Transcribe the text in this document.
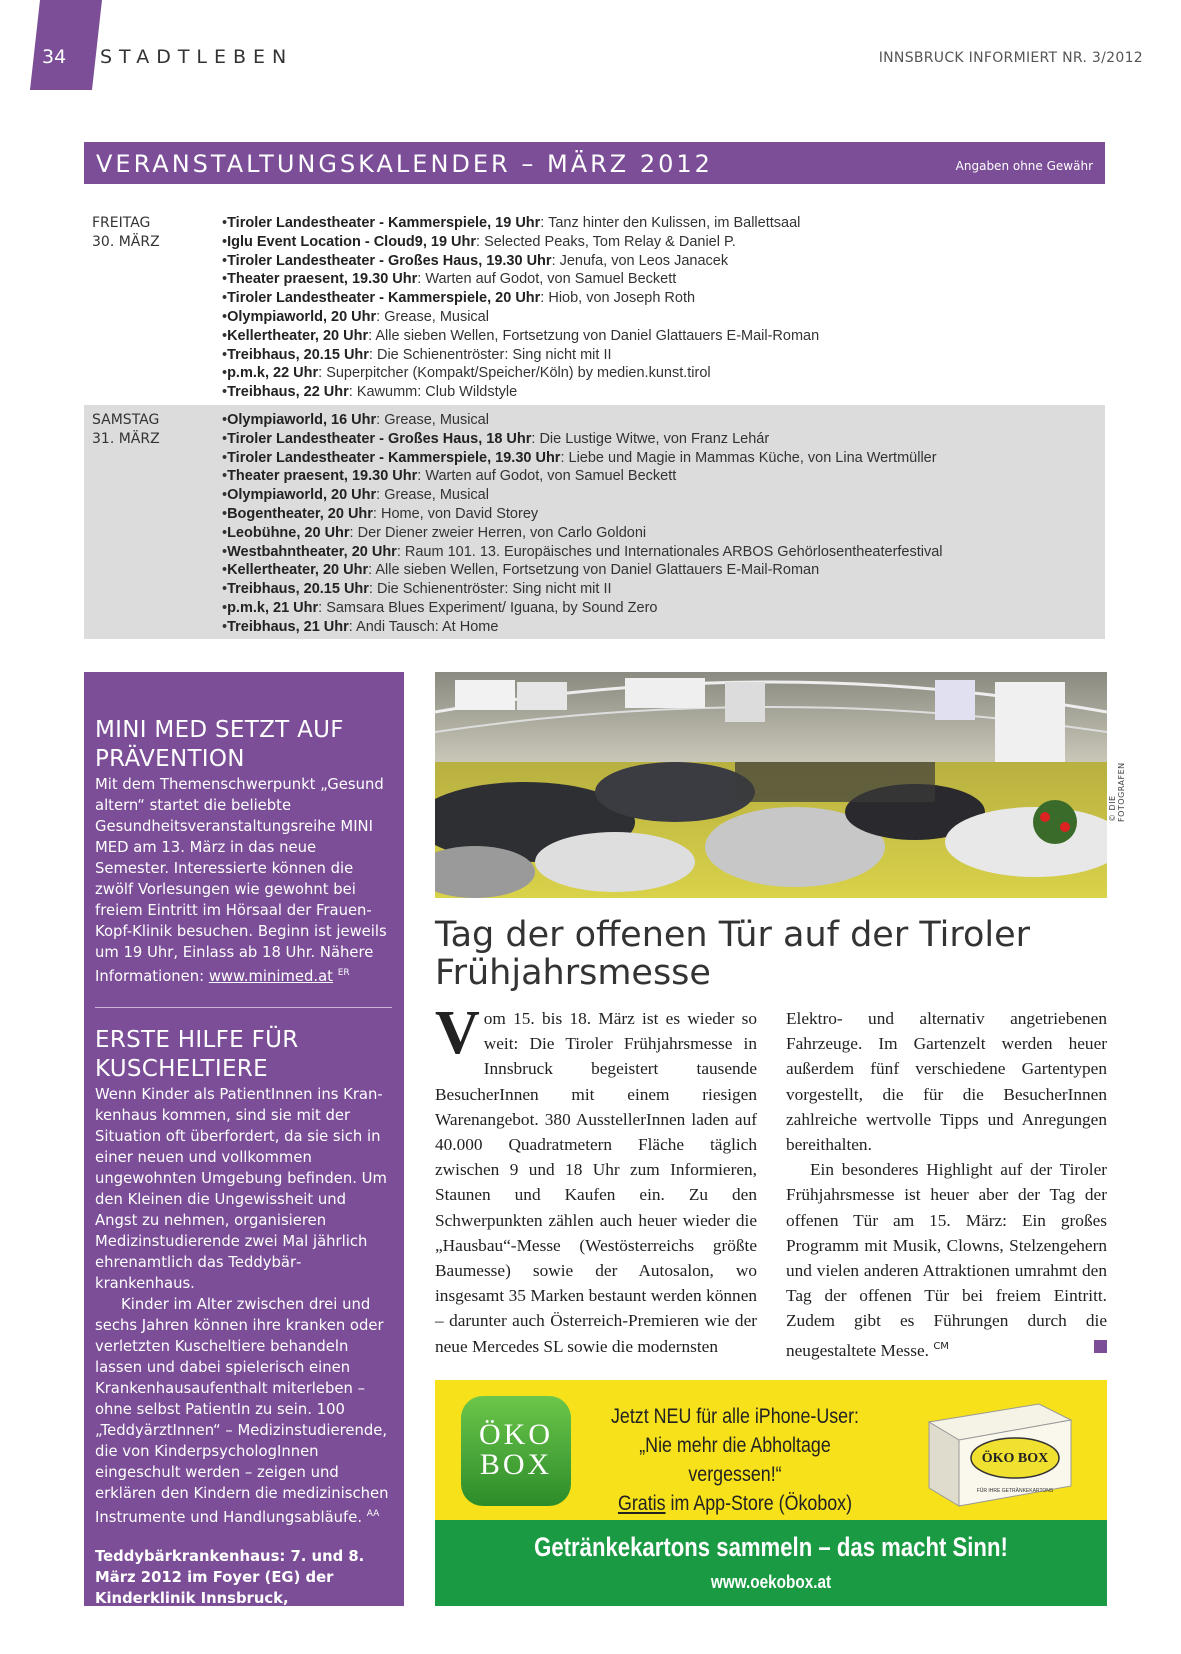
34 STADTLEBEN	INNSBRUCK INFORMIERT NR. 3/2012
VERANSTALTUNGSKALENDER – MÄRZ 2012	Angaben ohne Gewähr
FREITAG
30. MÄRZ
• Tiroler Landestheater - Kammerspiele, 19 Uhr: Tanz hinter den Kulissen, im Ballettsaal
• Iglu Event Location - Cloud9, 19 Uhr: Selected Peaks, Tom Relay & Daniel P.
• Tiroler Landestheater - Großes Haus, 19.30 Uhr: Jenufa, von Leos Janacek
• Theater praesent, 19.30 Uhr: Warten auf Godot, von Samuel Beckett
• Tiroler Landestheater - Kammerspiele, 20 Uhr: Hiob, von Joseph Roth
• Olympiaworld, 20 Uhr: Grease, Musical
• Kellertheater, 20 Uhr: Alle sieben Wellen, Fortsetzung von Daniel Glattauers E-Mail-Roman
• Treibhaus, 20.15 Uhr: Die Schienentröster: Sing nicht mit II
• p.m.k, 22 Uhr: Superpitcher (Kompakt/Speicher/Köln) by medien.kunst.tirol
• Treibhaus, 22 Uhr: Kawumm: Club Wildstyle
SAMSTAG
31. MÄRZ
• Olympiaworld, 16 Uhr: Grease, Musical
• Tiroler Landestheater - Großes Haus, 18 Uhr: Die Lustige Witwe, von Franz Lehár
• Tiroler Landestheater - Kammerspiele, 19.30 Uhr: Liebe und Magie in Mammas Küche, von Lina Wertmüller
• Theater praesent, 19.30 Uhr: Warten auf Godot, von Samuel Beckett
• Olympiaworld, 20 Uhr: Grease, Musical
• Bogentheater, 20 Uhr: Home, von David Storey
• Leobühne, 20 Uhr: Der Diener zweier Herren, von Carlo Goldoni
• Westbahntheater, 20 Uhr: Raum 101. 13. Europäisches und Internationales ARBOS Gehörlosentheaterfestival
• Kellertheater, 20 Uhr: Alle sieben Wellen, Fortsetzung von Daniel Glattauers E-Mail-Roman
• Treibhaus, 20.15 Uhr: Die Schienentröster: Sing nicht mit II
• p.m.k, 21 Uhr: Samsara Blues Experiment/ Iguana, by Sound Zero
• Treibhaus, 21 Uhr: Andi Tausch: At Home
MINI MED SETZT AUF PRÄVENTION

Mit dem Themenschwerpunkt „Gesund altern“ startet die beliebte Gesundheitsveranstaltungsreihe MINI MED am 13. März in das neue Semester. Interessierte können die zwölf Vorlesungen wie gewohnt bei freiem Eintritt im Hörsaal der Frauen-Kopf-Klinik besuchen. Beginn ist jeweils um 19 Uhr, Einlass ab 18 Uhr. Nähere Informationen: www.minimed.at $^{ER}$

ERSTE HILFE FÜR KUSCHELTIERE

Wenn Kinder als PatientInnen ins Krankenhaus kommen, sind sie mit der Situation oft überfordert, da sie sich in einer neuen und vollkommen ungewohnten Umgebung befinden. Um den Kleinen die Ungewissheit und Angst zu nehmen, organisieren Medizinstudierende zwei Mal jährlich ehrenamtlich das Teddybärkrankenhaus.

Kinder im Alter zwischen drei und sechs Jahren können ihre kranken oder verletzten Kuscheltiere behandeln lassen und dabei spielerisch einen Krankenhausaufenthalt miterleben – ohne selbst PatientIn zu sein. 100 „TeddyärztInnen“ – Medizinstudierende, die von KinderpsychologInnen eingeschult werden – zeigen und erklären den Kindern die medizinischen Instrumente und Handlungsabläufe. $^{AA}$

Teddybärkrankenhaus: 7. und 8. März 2012 im Foyer (EG) der Kinderklinik Innsbruck, Anichstraße 35

© DIE FOTOGRAFEN
Tag der offenen Tür auf der Tiroler Frühjahrsmesse

Vom 15. bis 18. März ist es wieder so weit: Die Tiroler Frühjahrsmesse in Innsbruck begeistert tausende BesucherInnen mit einem riesigen Warenangebot. 380 AusstellerInnen laden auf 40.000 Quadratmetern Fläche täglich zwischen 9 und 18 Uhr zum Informieren, Staunen und Kaufen ein. Zu den Schwerpunkten zählen auch heuer wieder die „Hausbau“-Messe (Westösterreichs größte Baumesse) sowie der Autosalon, wo insgesamt 35 Marken bestaunt werden können – darunter auch Österreich-Premieren wie der neue Mercedes SL sowie die modernsten

Elektro- und alternativ angetriebenen Fahrzeuge. Im Gartenzelt werden heuer außerdem fünf verschiedene Gartentypen vorgestellt, die für die BesucherInnen zahlreiche wertvolle Tipps und Anregungen bereithalten.

Ein besonderes Highlight auf der Tiroler Frühjahrsmesse ist heuer aber der Tag der offenen Tür am 15. März: Ein großes Programm mit Musik, Clowns, Stelzengehern und vielen anderen Attraktionen umrahmt den Tag der offenen Tür bei freiem Eintritt. Zudem gibt es Führungen durch die neugestaltete Messe. $^{CM}$

ÖKO
BOX
Jetzt NEU für alle iPhone-User:
„Nie mehr die Abholtage vergessen!“
Gratis im App-Store (Ökobox)
ÖKO BOX
FÜR IHRE GETRÄNKEKARTONS
Getränkekartons sammeln – das macht Sinn!
www.oekobox.at
